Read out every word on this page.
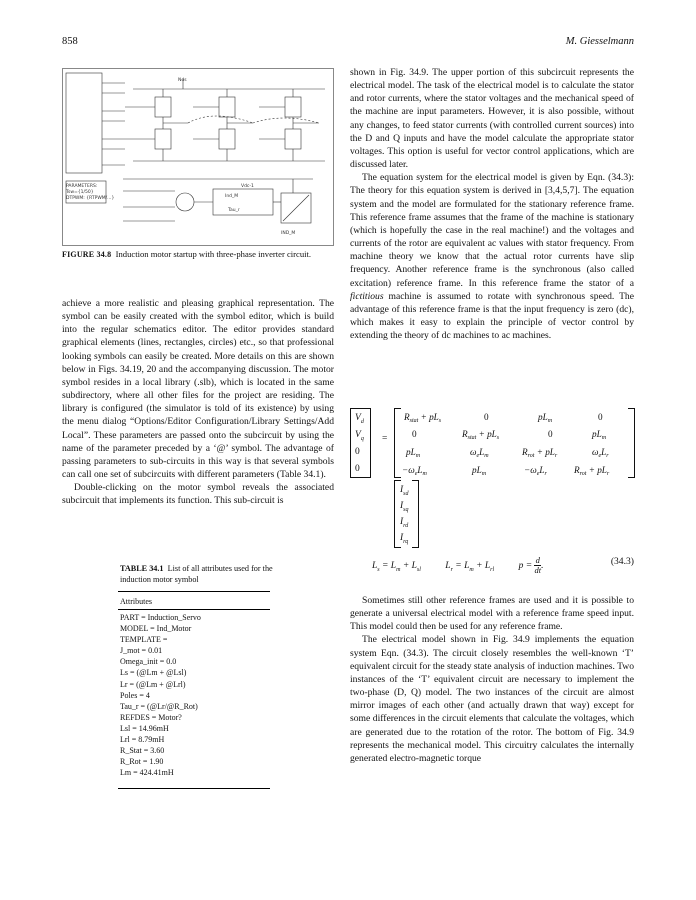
858	M. Giesselmann
PARAMETERS:
Tsw={1/50}
DTPWM: {RTPWM/...}	Ind_M
Tau_r
Vdc-1
Nds
IND_M
FIGURE 34.8 Induction motor startup with three-phase inverter circuit.

achieve a more realistic and pleasing graphical representation. The symbol can be easily created with the symbol editor, which is build into the regular schematics editor. The editor provides standard graphical elements (lines, rectangles, circles) etc., so that professional looking symbols can easily be created. More details on this are shown below in Figs. 34.19, 20 and the accompanying discussion. The motor symbol resides in a local library (.slb), which is located in the same subdirectory, where all other files for the project are residing. The library is configured (the simulator is told of its existence) by using the menu dialog “Options/Editor Configuration/Library Settings/Add Local”. These parameters are passed onto the subcircuit by using the name of the parameter preceded by a ‘@’ symbol. The advantage of passing parameters to sub-circuits in this way is that several symbols can call one set of subcircuits with different parameters (Table 34.1).

Double-clicking on the motor symbol reveals the associated subcircuit that implements its function. This sub-circuit is

TABLE 34.1 List of all attributes used for the induction motor symbol
Attributes
PART = Induction_Servo
MODEL = Ind_Motor
TEMPLATE =
J_mot = 0.01
Omega_init = 0.0
Ls = (@Lm + @Lsl)
Lr = (@Lm + @Lrl)
Poles = 4
Tau_r = (@Lr/@R_Rot)
REFDES = Motor?
Lsl = 14.96mH
Lrl = 8.79mH
R_Stat = 3.60
R_Rot = 1.90
Lm = 424.41mH

shown in Fig. 34.9. The upper portion of this subcircuit represents the electrical model. The task of the electrical model is to calculate the stator and rotor currents, where the stator voltages and the mechanical speed of the machine are input parameters. However, it is also possible, without any changes, to feed stator currents (with controlled current sources) into the D and Q inputs and have the model calculate the appropriate stator voltages. This option is useful for vector control applications, which are discussed later.

The equation system for the electrical model is given by Eqn. (34.3): The theory for this equation system is derived in [3,4,5,7]. The equation system and the model are formulated for the stationary reference frame. This reference frame assumes that the frame of the machine is stationary (which is hopefully the case in the real machine!) and the voltages and currents of the rotor are equivalent ac values with stator frequency. From machine theory we know that the actual rotor currents have slip frequency. Another reference frame is the synchronous (also called excitation) reference frame. In this reference frame the stator of a fictitious machine is assumed to rotate with synchronous speed. The advantage of this reference frame is that the input frequency is zero (dc), which makes it easy to explain the principle of vector control by extending the theory of dc machines to ac machines.

$V_d$
$V_q$
0
0
=
$R_{stat} + pL_s$	0	$pL_m$	0
0	$R_{stat} + pL_s$	0	$pL_m$
$pL_m$	$\omega_eL_m$	$R_{rot} + pL_r$	$\omega_eL_r$
$-\omega_eL_m$	$pL_m$	$-\omega_eL_r$	$R_{rot} + pL_r$
$I_{sd}$
$I_{sq}$
$I_{rd}$
$I_{rq}$
$L_s = L_m + L_{sl}$	$L_r = L_m + L_{rl}$	$p = \frac{d}{dt}$ .	(34.3)

Sometimes still other reference frames are used and it is possible to generate a universal electrical model with a reference frame speed input. This model could then be used for any reference frame.

The electrical model shown in Fig. 34.9 implements the equation system Eqn. (34.3). The circuit closely resembles the well-known ‘T’ equivalent circuit for the steady state analysis of induction machines. Two instances of the ‘T’ equivalent circuit are necessary to implement the two-phase (D, Q) model. The two instances of the circuit are almost mirror images of each other (and actually drawn that way) except for some differences in the circuit elements that calculate the voltages, which are generated due to the rotation of the rotor. The bottom of Fig. 34.9 represents the mechanical model. This circuitry calculates the internally generated electro-magnetic torque
